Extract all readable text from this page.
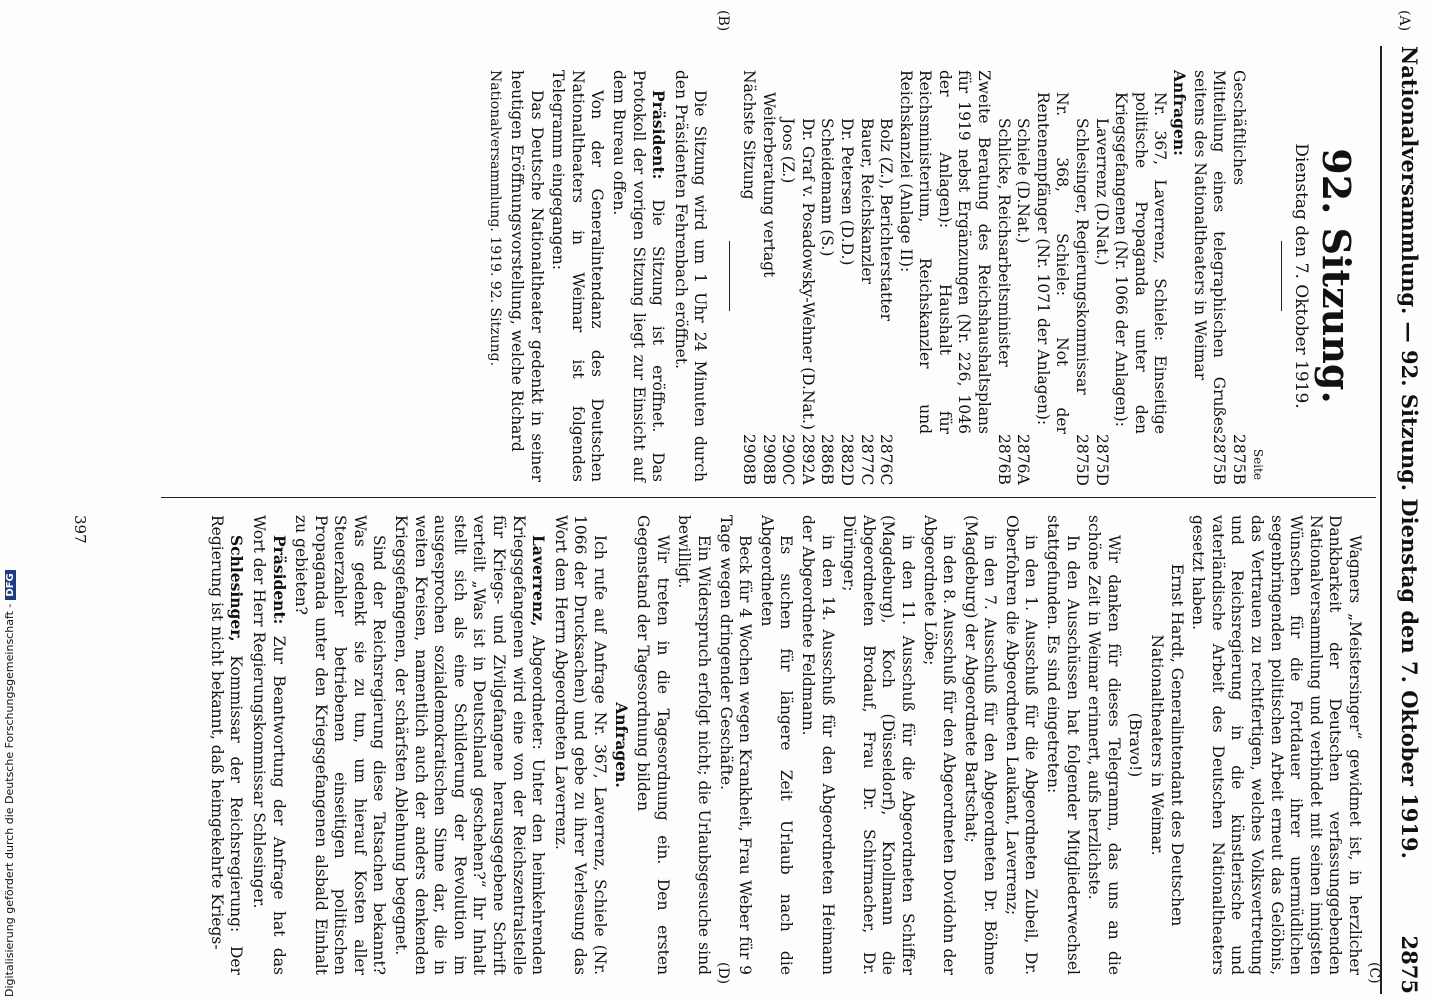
Nationalversammlung. — 92. Sitzung. Dienstag den 7. Oktober 1919.
2875
(A)
(B)
(C)
(D)
92. Sitzung.
Dienstag den 7. Oktober 1919.
Seite
Geschäftliches
2875B
Mitteilung eines telegraphischen Grußes seitens des Nationaltheaters in Weimar
2875B
Anfragen:
Nr. 367, Laverrenz, Schiele: Einseitige politische Propaganda unter den Kriegsgefangenen (Nr. 1066 der Anlagen):
Laverrenz (D.Nat.)
2875D
Schlesinger, Regierungskommissar
2875D
Nr. 368, Schiele: Not der Rentenempfänger (Nr. 1071 der Anlagen):
Schiele (D.Nat.)
2876A
Schlicke, Reichsarbeitsminister
2876B
Zweite Beratung des Reichshaushaltsplans für 1919 nebst Ergänzungen (Nr. 226, 1046 der Anlagen): Haushalt für Reichsministerium, Reichskanzler und Reichskanzlei (Anlage II):
Bolz (Z.), Berichterstatter
2876C
Bauer, Reichskanzler
2877C
Dr. Petersen (D.D.)
2882D
Scheidemann (S.)
2886B
Dr. Graf v. Posadowsky-Wehner (D.Nat.)
2892A
Joos (Z.)
2900C
Weiterberatung vertagt
2908B
Nächste Sitzung
2908B

Die Sitzung wird um 1 Uhr 24 Minuten durch den Präsidenten Fehrenbach eröffnet.

Präsident: Die Sitzung ist eröffnet. Das Protokoll der vorigen Sitzung liegt zur Einsicht auf dem Bureau offen.

Von der Generalintendanz des Deutschen Nationaltheaters in Weimar ist folgendes Telegramm eingegangen:

Das Deutsche Nationaltheater gedenkt in seiner heutigen Eröffnungsvorstellung, welche Richard

Nationalversammlung. 1919. 92. Sitzung.

Wagners „Meistersinger“ gewidmet ist, in herzlicher Dankbarkeit der Deutschen verfassunggebenden Nationalversammlung und verbindet mit seinen innigsten Wünschen für die Fortdauer ihrer unermüdlichen segenbringenden politischen Arbeit erneut das Gelöbnis, das Vertrauen zu rechtfertigen, welches Volksvertretung und Reichsregierung in die künstlerische und vaterländische Arbeit des Deutschen Nationaltheaters gesetzt haben.

Ernst Hardt, Generalintendant des Deutschen Nationaltheaters in Weimar.

(Bravo!)

Wir danken für dieses Telegramm, das uns an die schöne Zeit in Weimar erinnert, aufs herzlichste.

In den Ausschüssen hat folgender Mitgliederwechsel stattgefunden. Es sind eingetreten:

in den 1. Ausschuß für die Abgeordneten Zubeil, Dr. Oberfohren die Abgeordneten Laukant, Laverrenz;

in den 7. Ausschuß für den Abgeordneten Dr. Böhme (Magdeburg) der Abgeordnete Bartschat;

in den 8. Ausschuß für den Abgeordneten Dovidohn der Abgeordnete Löbe;

in den 11. Ausschuß für die Abgeordneten Schiffer (Magdeburg), Koch (Düsseldorf), Knollmann die Abgeordneten Brodauf, Frau Dr. Schirmacher, Dr. Düringer;

in den 14. Ausschuß für den Abgeordneten Heimann der Abgeordnete Feldmann.

Es suchen für längere Zeit Urlaub nach die Abgeordneten

Beck für 4 Wochen wegen Krankheit, Frau Weber für 9 Tage wegen dringender Geschäfte.

Ein Widerspruch erfolgt nicht; die Urlaubsgesuche sind bewilligt.

Wir treten in die Tagesordnung ein. Den ersten Gegenstand der Tagesordnung bilden

Anfragen.

Ich rufe auf Anfrage Nr. 367, Laverrenz, Schiele (Nr. 1066 der Drucksachen) und gebe zu ihrer Verlesung das Wort dem Herrn Abgeordneten Laverrenz.

Laverrenz, Abgeordneter: Unter den heimkehrenden Kriegsgefangenen wird eine von der Reichszentralstelle für Kriegs- und Zivilgefangene herausgegebene Schrift verteilt „Was ist in Deutschland geschehen?“ Ihr Inhalt stellt sich als eine Schilderung der Revolution im ausgesprochen sozialdemokratischen Sinne dar, die in weiten Kreisen, namentlich auch der anders denkenden Kriegsgefangenen, der schärfsten Ablehnung begegnet.

Sind der Reichsregierung diese Tatsachen bekannt? Was gedenkt sie zu tun, um hierauf Kosten aller Steuerzahler betriebenen einseitigen politischen Propaganda unter den Kriegsgefangenen alsbald Einhalt zu gebieten?

Präsident: Zur Beantwortung der Anfrage hat das Wort der Herr Regierungskommissar Schlesinger.

Schlesinger, Kommissar der Reichsregierung: Der Regierung ist nicht bekannt, daß heimgekehrte Kriegs-

397
Digitalisierung gefördert durch die Deutsche Forschungsgemeinschaft -DFG
